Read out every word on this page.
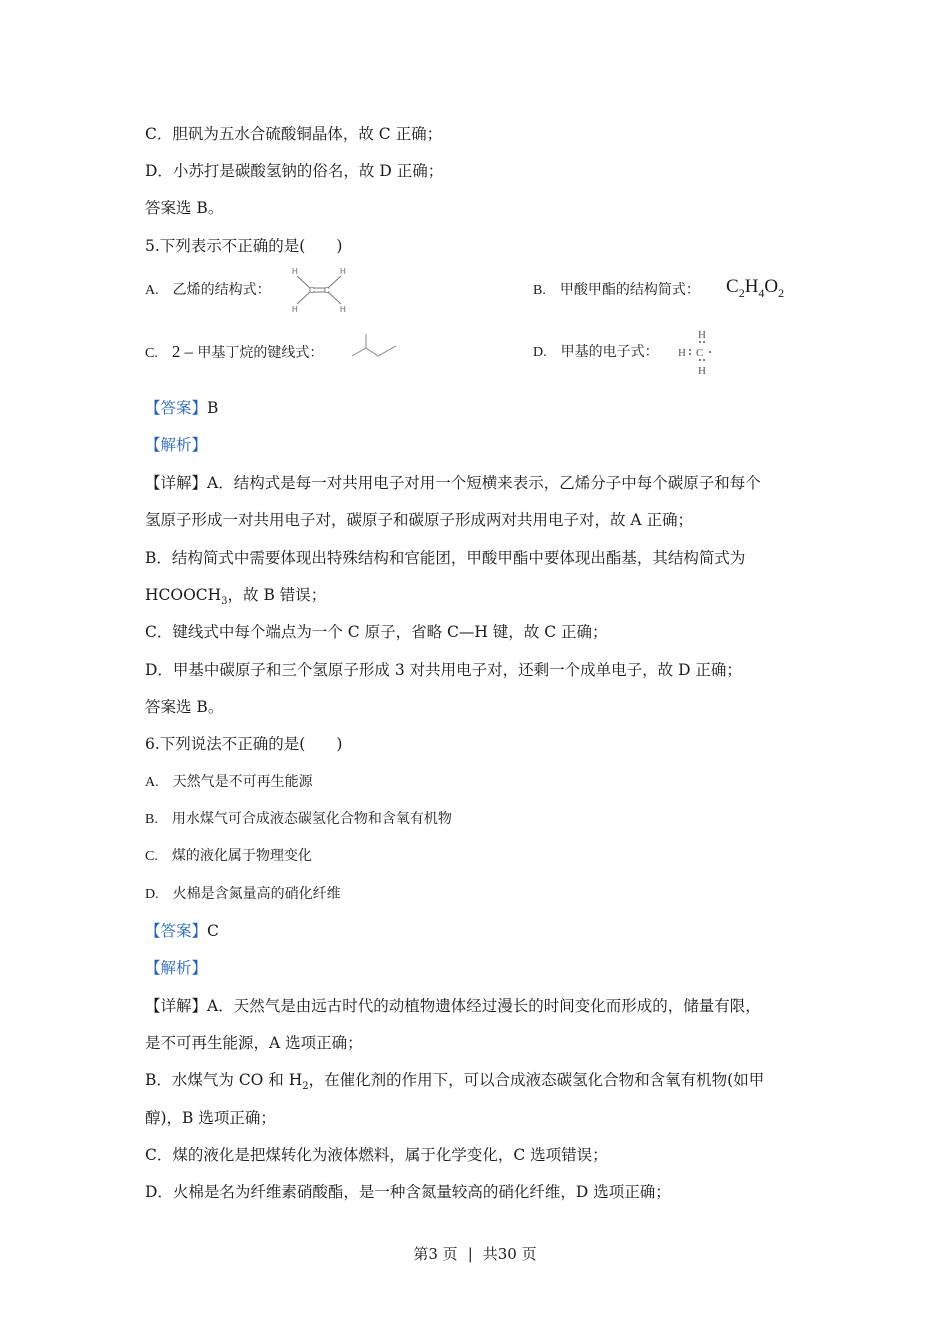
C．胆矾为五水合硫酸铜晶体，故 C 正确；
D．小苏打是碳酸氢钠的俗名，故 D 正确；
答案选 B。
5.下列表示不正确的是(　　)
A. 乙烯的结构式：
H
H
C C
H
H
B. 甲酸甲酯的结构简式： $C_2H_4O_2$
C. 2 – 甲基丁烷的键线式：	D. 甲基的电子式：
H
H C
H
【答案】B
【解析】
【详解】A．结构式是每一对共用电子对用一个短横来表示，乙烯分子中每个碳原子和每个
氢原子形成一对共用电子对，碳原子和碳原子形成两对共用电子对，故 A 正确；
B．结构简式中需要体现出特殊结构和官能团，甲酸甲酯中要体现出酯基，其结构简式为
$HCOOCH_3$，故 B 错误；
C．键线式中每个端点为一个 C 原子，省略 C—H 键，故 C 正确；
D．甲基中碳原子和三个氢原子形成 3 对共用电子对，还剩一个成单电子，故 D 正确；
答案选 B。
6.下列说法不正确的是(　　)
A. 天然气是不可再生能源
B. 用水煤气可合成液态碳氢化合物和含氧有机物
C. 煤的液化属于物理变化
D. 火棉是含氮量高的硝化纤维
【答案】C
【解析】
【详解】A．天然气是由远古时代的动植物遗体经过漫长的时间变化而形成的，储量有限，
是不可再生能源，A 选项正确；
B．水煤气为 CO 和 $H_2$，在催化剂的作用下，可以合成液态碳氢化合物和含氧有机物(如甲
醇)，B 选项正确；
C．煤的液化是把煤转化为液体燃料，属于化学变化，C 选项错误；
D．火棉是名为纤维素硝酸酯，是一种含氮量较高的硝化纤维，D 选项正确；
第3 页 | 共30 页
